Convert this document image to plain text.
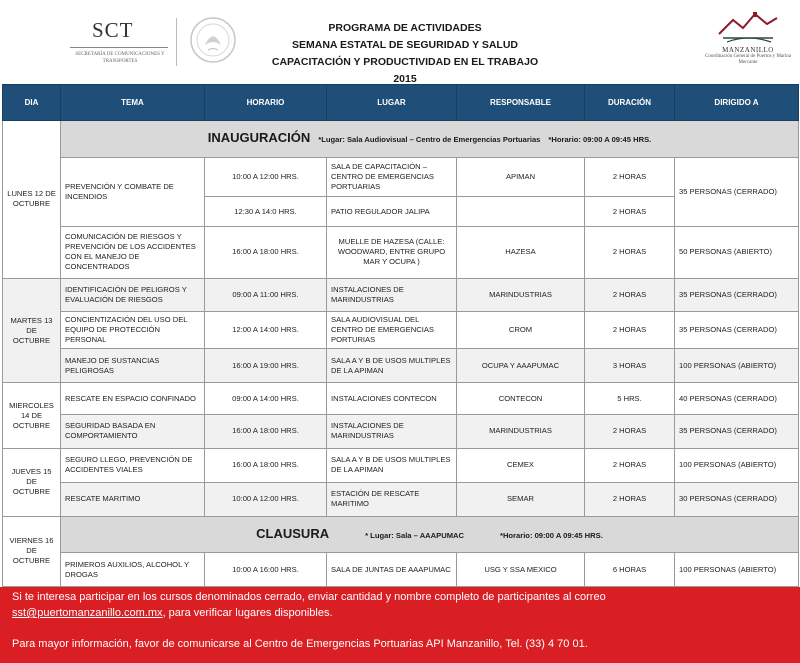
SCT
SECRETARÍA DE COMUNICACIONES Y TRANSPORTES
PROGRAMA DE ACTIVIDADES
SEMANA ESTATAL DE SEGURIDAD Y SALUD
CAPACITACIÓN Y PRODUCTIVIDAD EN EL TRABAJO 2015
MANZANILLO
Coordinación General de Puertos y Marina Mercante
DIA	TEMA	HORARIO	LUGAR	RESPONSABLE	DURACIÓN	DIRIGIDO A
LUNES 12 DE OCTUBRE	INAUGURACIÓN *Lugar: Sala Audiovisual – Centro de Emergencias Portuarias *Horario: 09:00 A 09:45 HRS.					
	PREVENCIÓN Y COMBATE DE INCENDIOS	10:00 A 12:00 HRS.	SALA DE CAPACITACIÓN – CENTRO DE EMERGENCIAS PORTUARIAS	APIMAN	2 HORAS	35 PERSONAS (CERRADO)
		12:30 A 14:0 HRS.	PATIO REGULADOR JALIPA		2 HORAS	
	COMUNICACIÓN DE RIESGOS Y PREVENCIÓN DE LOS ACCIDENTES CON EL MANEJO DE CONCENTRADOS	16:00 A 18:00 HRS.	MUELLE DE HAZESA (CALLE: WOODWARD, ENTRE GRUPO MAR Y OCUPA )	HAZESA	2 HORAS	50 PERSONAS (ABIERTO)
MARTES 13 DE OCTUBRE	IDENTIFICACIÓN DE PELIGROS Y EVALUACIÓN DE RIESGOS	09:00 A 11:00 HRS.	INSTALACIONES DE MARINDUSTRIAS	MARINDUSTRIAS	2 HORAS	35 PERSONAS (CERRADO)
	CONCIENTIZACIÓN DEL USO DEL EQUIPO DE PROTECCIÓN PERSONAL	12:00 A 14:00 HRS.	SALA AUDIOVISUAL DEL CENTRO DE EMERGENCIAS PORTURIAS	CROM	2 HORAS	35 PERSONAS (CERRADO)
	MANEJO DE SUSTANCIAS PELIGROSAS	16:00 A 19:00 HRS.	SALA A Y B DE USOS MULTIPLES DE LA APIMAN	OCUPA Y AAAPUMAC	3 HORAS	100 PERSONAS (ABIERTO)
MIERCOLES 14 DE OCTUBRE	RESCATE EN ESPACIO CONFINADO	09:00 A 14:00 HRS.	INSTALACIONES CONTECON	CONTECON	5 HRS.	40 PERSONAS (CERRADO)
	SEGURIDAD BASADA EN COMPORTAMIENTO	16:00 A 18:00 HRS.	INSTALACIONES DE MARINDUSTRIAS	MARINDUSTRIAS	2 HORAS	35 PERSONAS (CERRADO)
JUEVES 15 DE OCTUBRE	SEGURO LLEGO, PREVENCIÓN DE ACCIDENTES VIALES	16:00 A 18:00 HRS.	SALA A Y B DE USOS MULTIPLES DE LA APIMAN	CEMEX	2 HORAS	100 PERSONAS (ABIERTO)
	RESCATE MARITIMO	10:00 A 12:00 HRS.	ESTACIÓN DE RESCATE MARITIMO	SEMAR	2 HORAS	30 PERSONAS (CERRADO)
VIERNES 16 DE OCTUBRE	CLAUSURA * Lugar: Sala – AAAPUMAC *Horario: 09:00 A 09:45 HRS.					
	PRIMEROS AUXILIOS, ALCOHOL Y DROGAS	10:00 A 16:00 HRS.	SALA DE JUNTAS DE AAAPUMAC	USG Y SSA MEXICO	6 HORAS	100 PERSONAS (ABIERTO)
Si te interesa participar en los cursos denominados cerrado, enviar cantidad y nombre completo de participantes al correo
sst@puertomanzanillo.com.mx, para verificar lugares disponibles.
Para mayor información, favor de comunicarse al Centro de Emergencias Portuarias API Manzanillo, Tel. (33) 4 70 01.
